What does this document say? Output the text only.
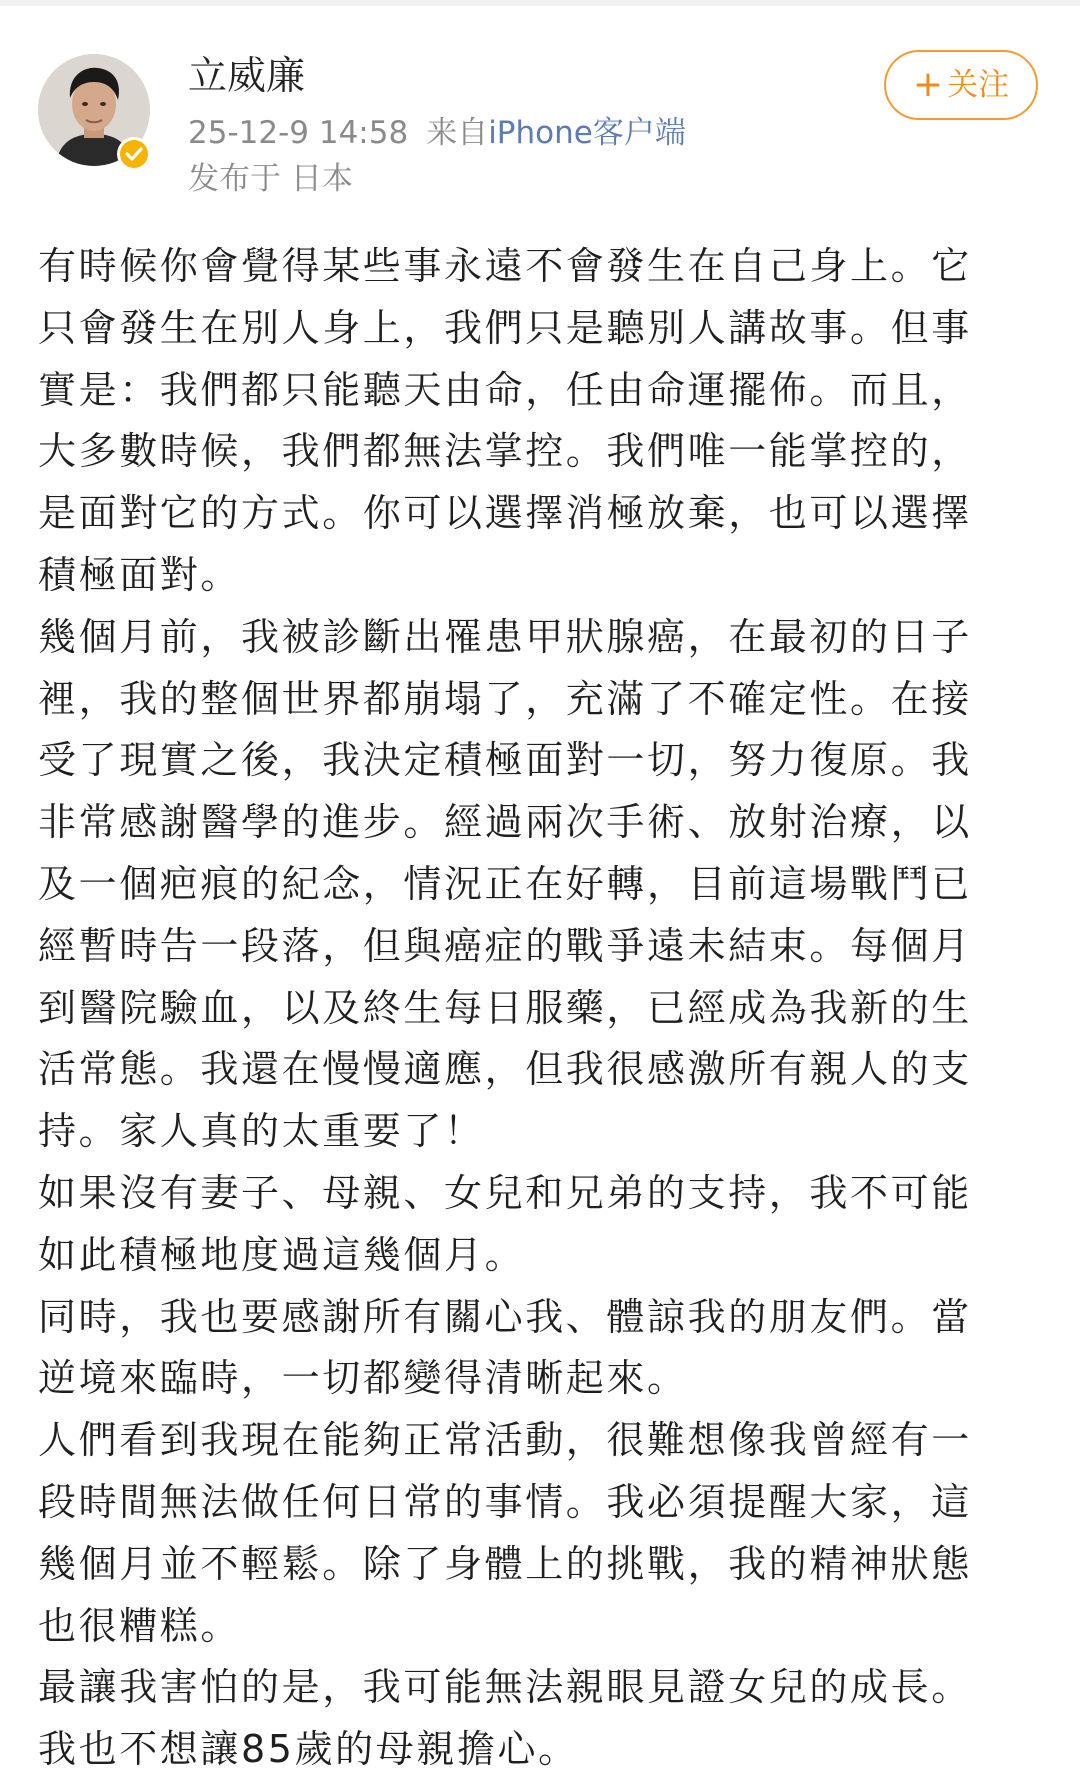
立威廉
25-12-9 14:58 来自iPhone客户端
发布于 日本
+ 关注
有時候你會覺得某些事永遠不會發生在自己身上。它
只會發生在別人身上，我們只是聽別人講故事。但事
實是：我們都只能聽天由命，任由命運擺佈。而且，
大多數時候，我們都無法掌控。我們唯一能掌控的，
是面對它的方式。你可以選擇消極放棄，也可以選擇
積極面對。
幾個月前，我被診斷出罹患甲狀腺癌，在最初的日子
裡，我的整個世界都崩塌了，充滿了不確定性。在接
受了現實之後，我決定積極面對一切，努力復原。我
非常感謝醫學的進步。經過兩次手術、放射治療，以
及一個疤痕的紀念，情況正在好轉，目前這場戰鬥已
經暫時告一段落，但與癌症的戰爭遠未結束。每個月
到醫院驗血，以及終生每日服藥，已經成為我新的生
活常態。我還在慢慢適應，但我很感激所有親人的支
持。家人真的太重要了！
如果沒有妻子、母親、女兒和兄弟的支持，我不可能
如此積極地度過這幾個月。
同時，我也要感謝所有關心我、體諒我的朋友們。當
逆境來臨時，一切都變得清晰起來。
人們看到我現在能夠正常活動，很難想像我曾經有一
段時間無法做任何日常的事情。我必須提醒大家，這
幾個月並不輕鬆。除了身體上的挑戰，我的精神狀態
也很糟糕。
最讓我害怕的是，我可能無法親眼見證女兒的成長。
我也不想讓85歲的母親擔心。
